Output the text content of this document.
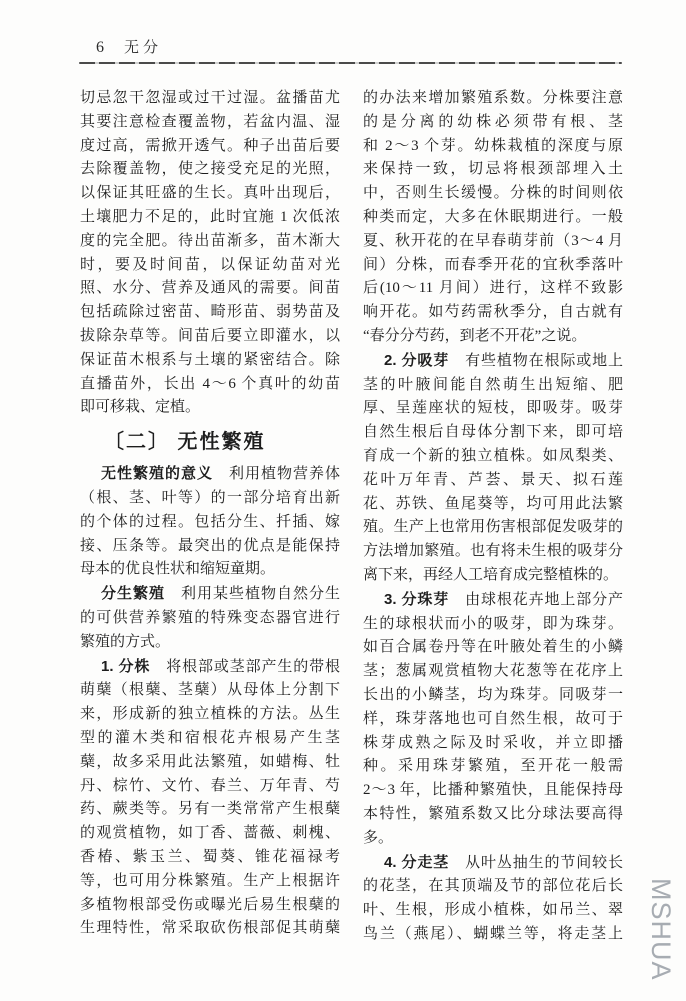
6 无分
切忌忽干忽湿或过干过湿。盆播苗尤
其要注意检查覆盖物，若盆内温、湿
度过高，需掀开透气。种子出苗后要
去除覆盖物，使之接受充足的光照，
以保证其旺盛的生长。真叶出现后，
土壤肥力不足的，此时宜施 1 次低浓
度的完全肥。待出苗渐多，苗木渐大
时，要及时间苗，以保证幼苗对光
照、水分、营养及通风的需要。间苗
包括疏除过密苗、畸形苗、弱势苗及
拔除杂草等。间苗后要立即灌水，以
保证苗木根系与土壤的紧密结合。除
直播苗外，长出 4～6 个真叶的幼苗
即可移栽、定植。
〔二〕 无性繁殖
无性繁殖的意义　利用植物营养体
（根、茎、叶等）的一部分培育出新
的个体的过程。包括分生、扦插、嫁
接、压条等。最突出的优点是能保持
母本的优良性状和缩短童期。
分生繁殖　利用某些植物自然分生
的可供营养繁殖的特殊变态器官进行
繁殖的方式。
1. 分株　将根部或茎部产生的带根
萌蘖（根蘖、茎蘖）从母体上分割下
来，形成新的独立植株的方法。丛生
型的灌木类和宿根花卉根易产生茎
蘖，故多采用此法繁殖，如蜡梅、牡
丹、棕竹、文竹、春兰、万年青、芍
药、蕨类等。另有一类常常产生根蘖
的观赏植物，如丁香、蔷薇、刺槐、
香椿、紫玉兰、蜀葵、锥花福禄考
等，也可用分株繁殖。生产上根据许
多植物根部受伤或曝光后易生根蘖的
生理特性，常采取砍伤根部促其萌蘖
的办法来增加繁殖系数。分株要注意
的是分离的幼株必须带有根、茎
和 2～3 个芽。幼株栽植的深度与原
来保持一致，切忌将根颈部埋入土
中，否则生长缓慢。分株的时间则依
种类而定，大多在休眠期进行。一般
夏、秋开花的在早春萌芽前（3～4 月
间）分株，而春季开花的宜秋季落叶
后(10～11 月间）进行，这样不致影
响开花。如芍药需秋季分，自古就有
“春分分芍药，到老不开花”之说。
2. 分吸芽　有些植物在根际或地上
茎的叶腋间能自然萌生出短缩、肥
厚、呈莲座状的短枝，即吸芽。吸芽
自然生根后自母体分割下来，即可培
育成一个新的独立植株。如凤梨类、
花叶万年青、芦荟、景天、拟石莲
花、苏铁、鱼尾葵等，均可用此法繁
殖。生产上也常用伤害根部促发吸芽的
方法增加繁殖。也有将未生根的吸芽分
离下来，再经人工培育成完整植株的。
3. 分珠芽　由球根花卉地上部分产
生的球根状而小的吸芽，即为珠芽。
如百合属卷丹等在叶腋处着生的小鳞
茎；葱属观赏植物大花葱等在花序上
长出的小鳞茎，均为珠芽。同吸芽一
样，珠芽落地也可自然生根，故可于
株芽成熟之际及时采收，并立即播
种。采用珠芽繁殖，至开花一般需
2～3 年，比播种繁殖快，且能保持母
本特性，繁殖系数又比分球法要高得
多。
4. 分走茎　从叶丛抽生的节间较长
的花茎，在其顶端及节的部位花后长
叶、生根，形成小植株，如吊兰、翠
鸟兰（燕尾）、蝴蝶兰等，将走茎上 MSHUA
